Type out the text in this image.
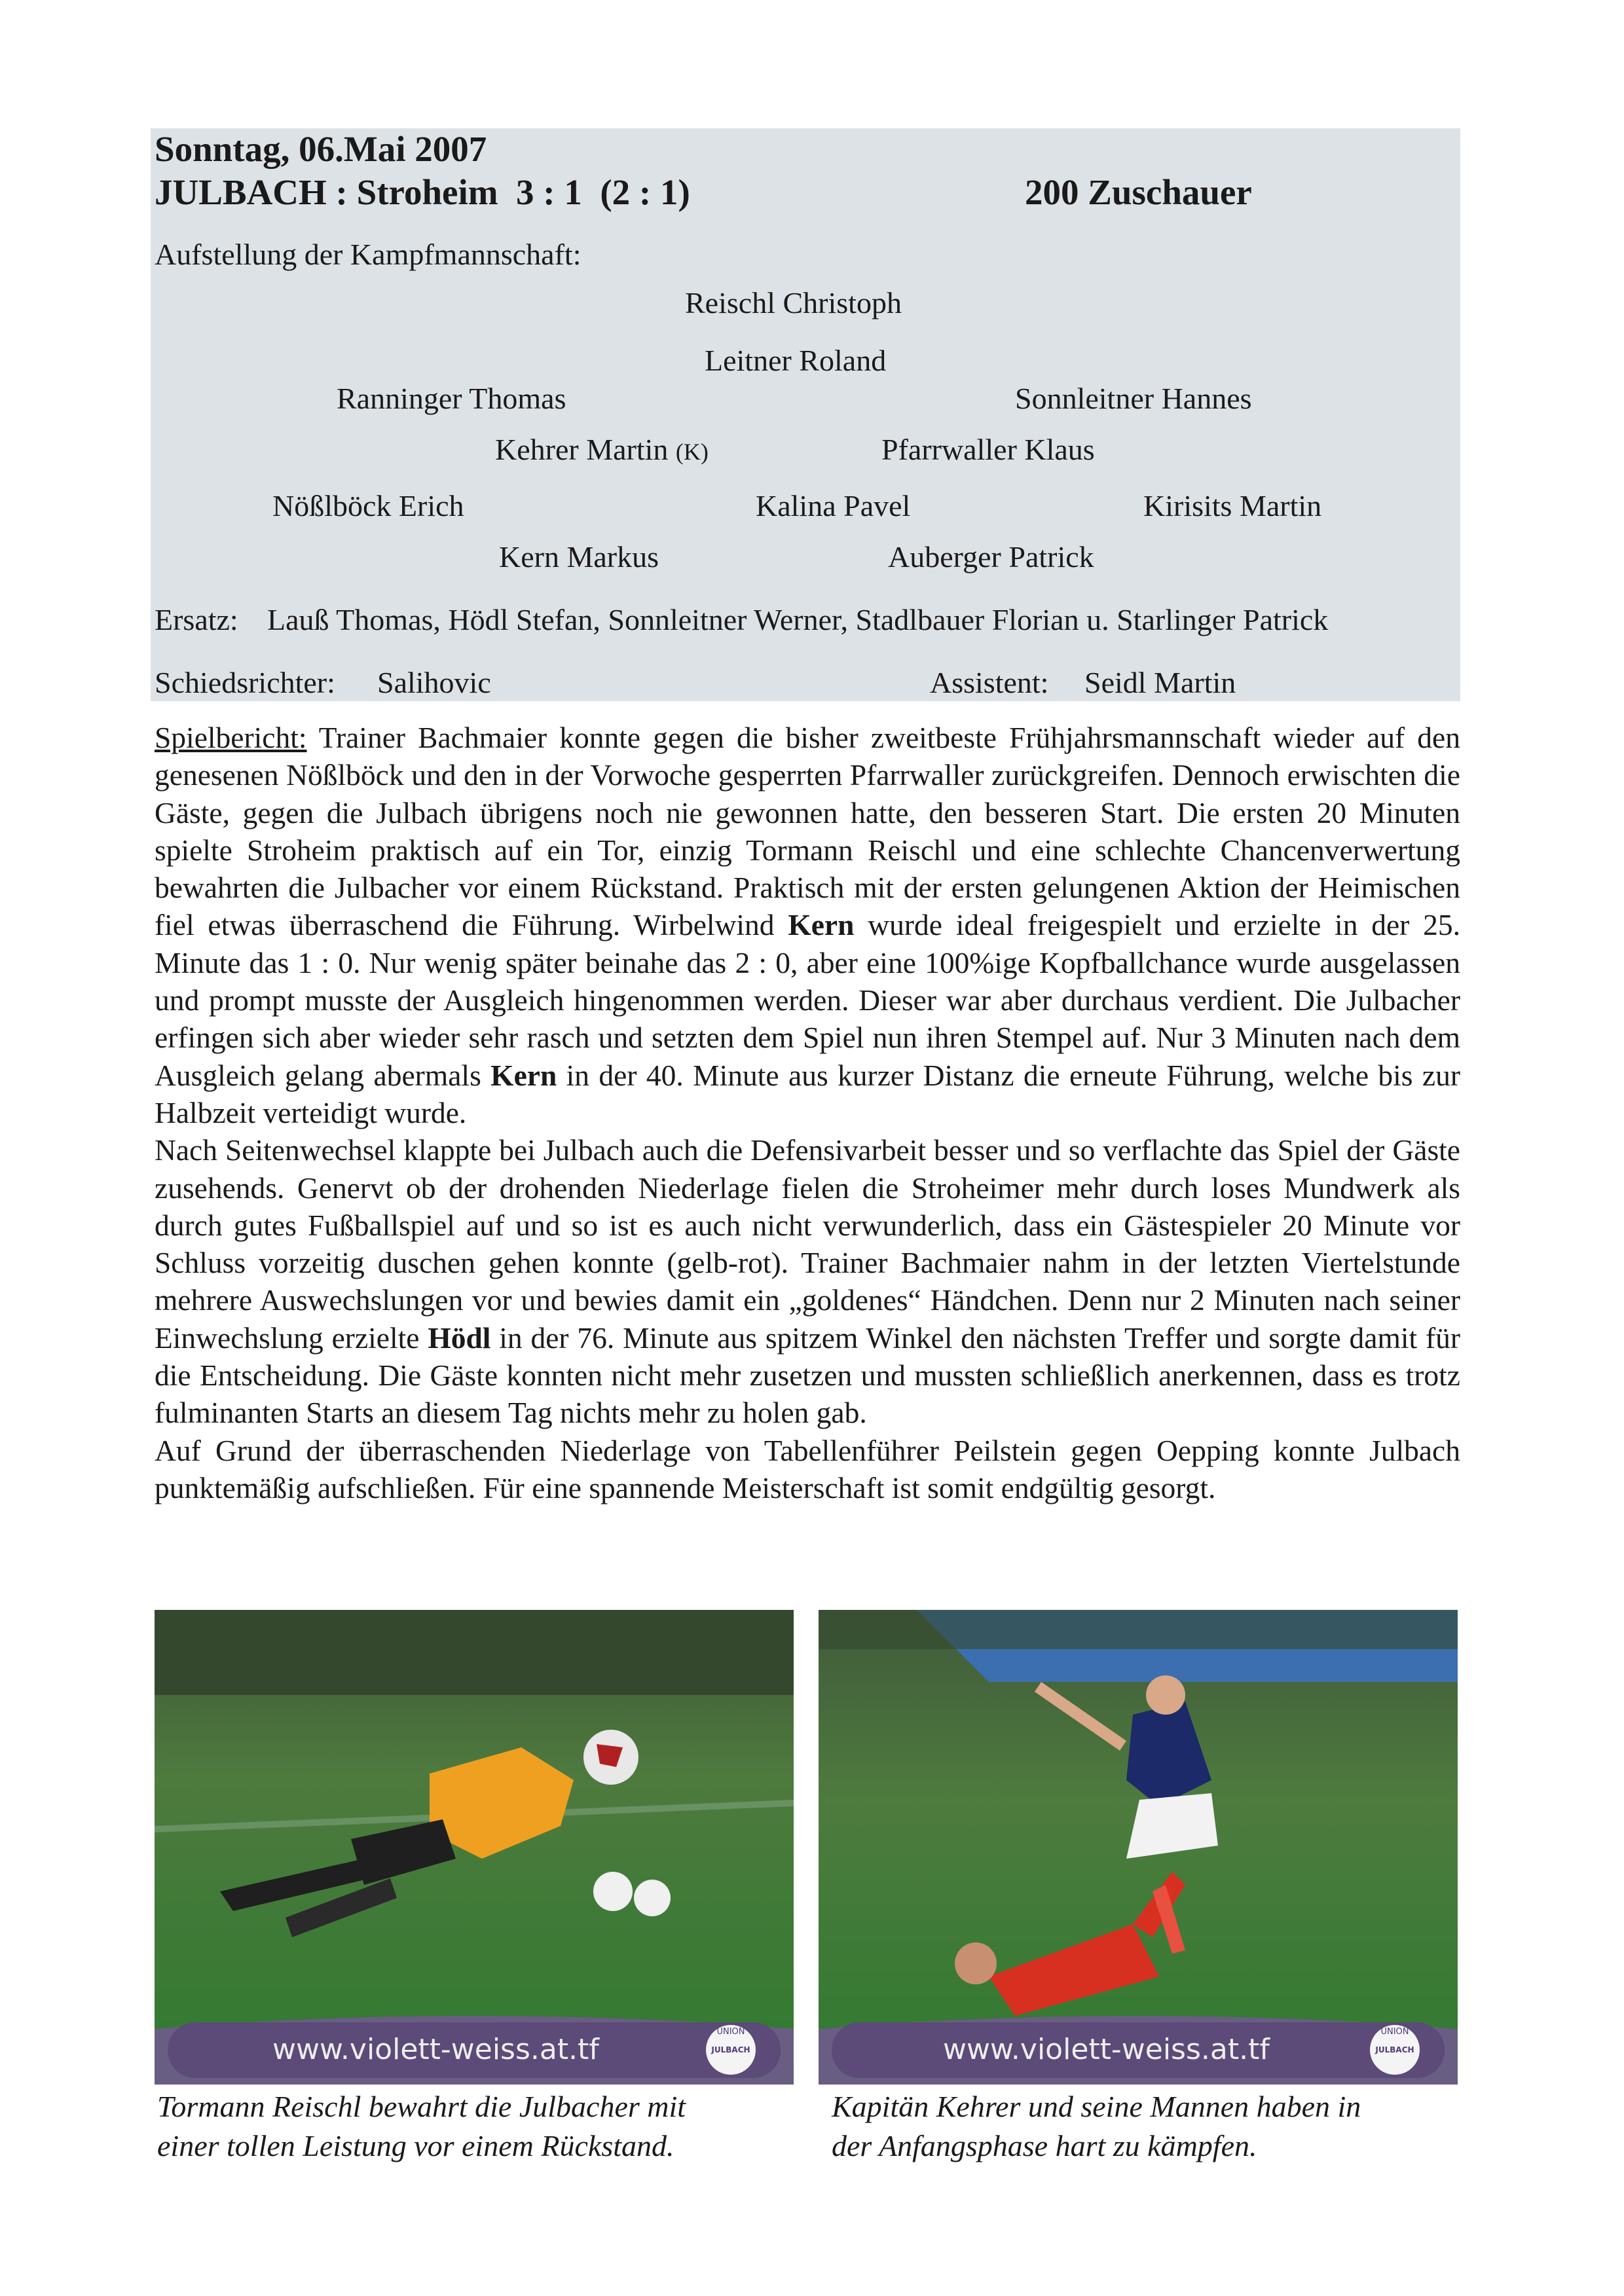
Sonntag, 06.Mai 2007
JULBACH : Stroheim  3 : 1  (2 : 1)	200 Zuschauer
Aufstellung der Kampfmannschaft:
Reischl Christoph
Leitner Roland
Ranninger Thomas	Sonnleitner Hannes
Kehrer Martin (K)	Pfarrwaller Klaus
Nößlböck Erich	Kalina Pavel	Kirisits Martin
Kern Markus	Auberger Patrick
Ersatz: Lauß Thomas, Hödl Stefan, Sonnleitner Werner, Stadlbauer Florian u. Starlinger Patrick
Schiedsrichter: Salihovic	Assistent: Seidl Martin

Spielbericht: Trainer Bachmaier konnte gegen die bisher zweitbeste Frühjahrsmannschaft wieder auf den genesenen Nößlböck und den in der Vorwoche gesperrten Pfarrwaller zurückgreifen. Dennoch erwischten die Gäste, gegen die Julbach übrigens noch nie gewonnen hatte, den besseren Start. Die ersten 20 Minuten spielte Stroheim praktisch auf ein Tor, einzig Tormann Reischl und eine schlechte Chancenverwertung bewahrten die Julbacher vor einem Rückstand. Praktisch mit der ersten gelungenen Aktion der Heimischen fiel etwas überraschend die Führung. Wirbelwind Kern wurde ideal freigespielt und erzielte in der 25. Minute das 1 : 0. Nur wenig später beinahe das 2 : 0, aber eine 100%ige Kopfballchance wurde ausgelassen und prompt musste der Ausgleich hingenommen werden. Dieser war aber durchaus verdient. Die Julbacher erfingen sich aber wieder sehr rasch und setzten dem Spiel nun ihren Stempel auf. Nur 3 Minuten nach dem Ausgleich gelang abermals Kern in der 40. Minute aus kurzer Distanz die erneute Führung, welche bis zur Halbzeit verteidigt wurde.

Nach Seitenwechsel klappte bei Julbach auch die Defensivarbeit besser und so verflachte das Spiel der Gäste zusehends. Genervt ob der drohenden Niederlage fielen die Stroheimer mehr durch loses Mundwerk als durch gutes Fußballspiel auf und so ist es auch nicht verwunderlich, dass ein Gästespieler 20 Minute vor Schluss vorzeitig duschen gehen konnte (gelb-rot). Trainer Bachmaier nahm in der letzten Viertelstunde mehrere Auswechslungen vor und bewies damit ein „goldenes“ Händchen. Denn nur 2 Minuten nach seiner Einwechslung erzielte Hödl in der 76. Minute aus spitzem Winkel den nächsten Treffer und sorgte damit für die Entscheidung. Die Gäste konnten nicht mehr zusetzen und mussten schließlich anerkennen, dass es trotz fulminanten Starts an diesem Tag nichts mehr zu holen gab.

Auf Grund der überraschenden Niederlage von Tabellenführer Peilstein gegen Oepping konnte Julbach punktemäßig aufschließen. Für eine spannende Meisterschaft ist somit endgültig gesorgt.

www.violett-weiss.at.tf
UNION
JULBACH
Tormann Reischl bewahrt die Julbacher mit
einer tollen Leistung vor einem Rückstand.
www.violett-weiss.at.tf
UNION
JULBACH
Kapitän Kehrer und seine Mannen haben in
der Anfangsphase hart zu kämpfen.
